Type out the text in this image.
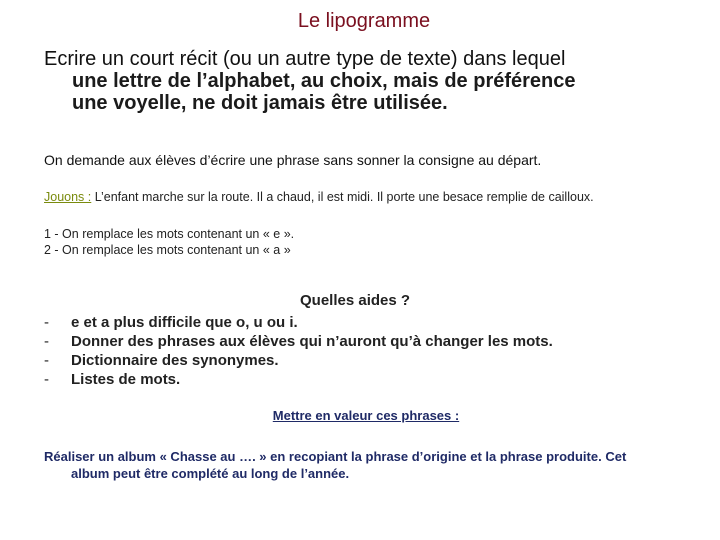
Le lipogramme
Ecrire un court récit (ou un autre type de texte) dans lequel
une lettre de l’alphabet, au choix, mais de préférence
une voyelle, ne doit jamais être utilisée.
On demande aux élèves d’écrire une phrase sans sonner la consigne au départ.
Jouons : L’enfant marche sur la route. Il a chaud, il est midi. Il porte une besace remplie de cailloux.
1 - On remplace les mots contenant un « e ».
2 - On remplace les mots contenant un « a »
Quelles aides ?
- e et a plus difficile que o, u ou i.
- Donner des phrases aux élèves qui n’auront qu’à changer les mots.
- Dictionnaire des synonymes.
- Listes de mots.
Mettre en valeur ces phrases :
Réaliser un album « Chasse au …. » en recopiant la phrase d’origine et la phrase produite. Cet
album peut être complété au long de l’année.
